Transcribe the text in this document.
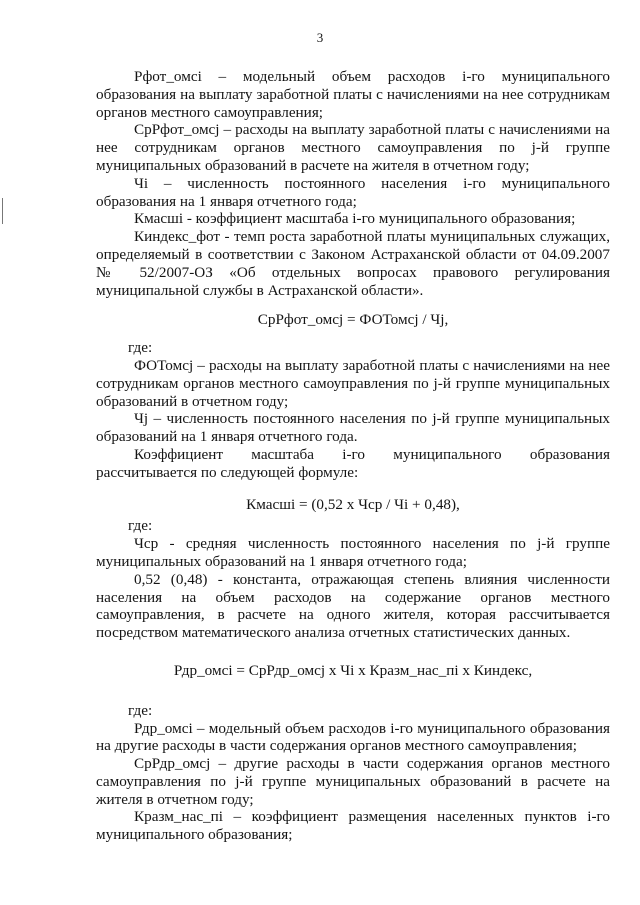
3

Рфот_омсi – модельный объем расходов i-го муниципального образования на выплату заработной платы с начислениями на нее сотрудникам органов местного самоуправления;

СрРфот_омсj – расходы на выплату заработной платы с начислениями на нее сотрудникам органов местного самоуправления по j-й группе муниципальных образований в расчете на жителя в отчетном году;

Чi – численность постоянного населения i-го муниципального образования на 1 января отчетного года;

Кмасшi - коэффициент масштаба i-го муниципального образования;

Киндекс_фот - темп роста заработной платы муниципальных служащих, определяемый в соответствии с Законом Астраханской области от 04.09.2007 № 52/2007-ОЗ «Об отдельных вопросах правового регулирования муниципальной службы в Астраханской области».

СрРфот_омсj = ФОТомсj / Чj,

где:

ФОТомсj – расходы на выплату заработной платы с начислениями на нее сотрудникам органов местного самоуправления по j-й группе муниципальных образований в отчетном году;

Чj – численность постоянного населения по j-й группе муниципальных образований на 1 января отчетного года.

Коэффициент масштаба i-го муниципального образования рассчитывается по следующей формуле:

Кмасшi = (0,52 х Чср / Чi + 0,48),

где:

Чср - средняя численность постоянного населения по j-й группе муниципальных образований на 1 января отчетного года;

0,52 (0,48) - константа, отражающая степень влияния численности населения на объем расходов на содержание органов местного самоуправления, в расчете на одного жителя, которая рассчитывается посредством математического анализа отчетных статистических данных.

Рдр_омсi = СрРдр_омсj х Чi х Кразм_нас_пi х Киндекс,

где:

Рдр_омсi – модельный объем расходов i-го муниципального образования на другие расходы в части содержания органов местного самоуправления;

СрРдр_омсj – другие расходы в части содержания органов местного самоуправления по j-й группе муниципальных образований в расчете на жителя в отчетном году;

Кразм_нас_пi – коэффициент размещения населенных пунктов i-го муниципального образования;
